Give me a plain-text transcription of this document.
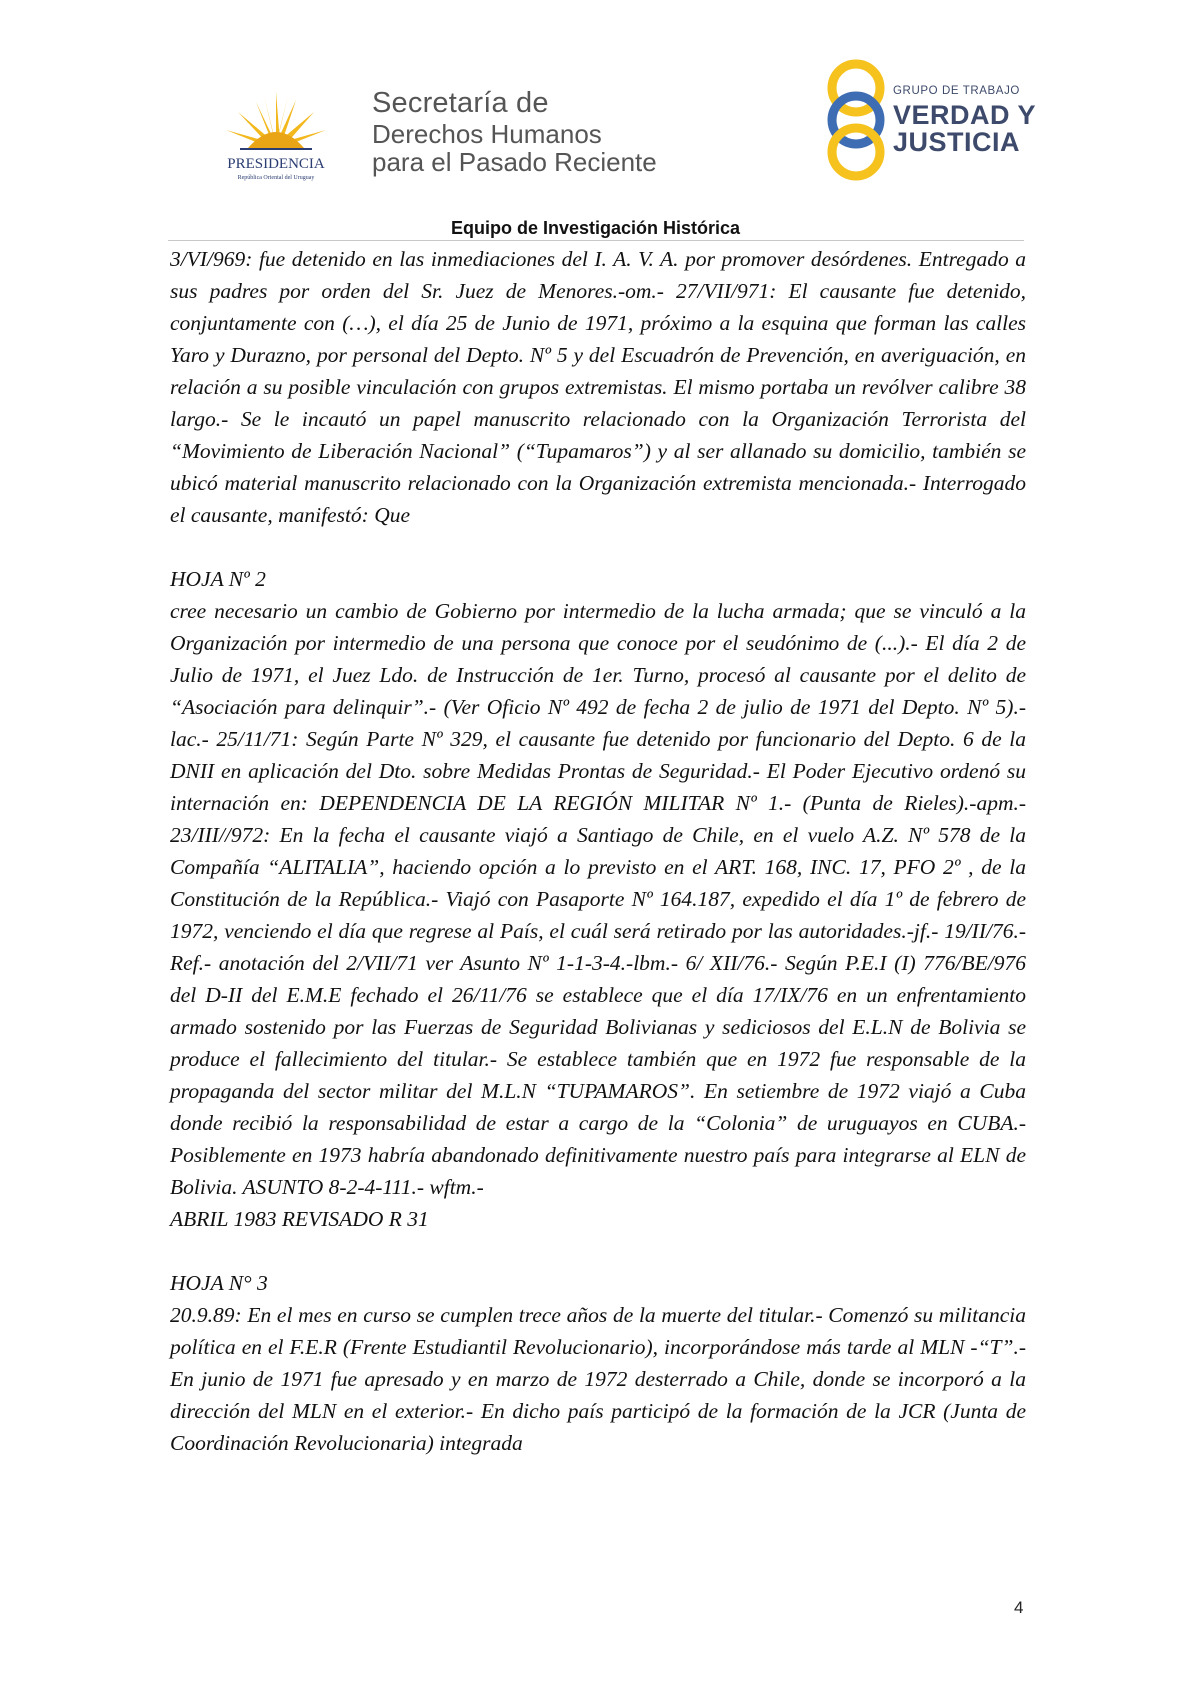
PRESIDENCIA
República Oriental del Uruguay
Secretaría de
Derechos Humanos
para el Pasado Reciente
GRUPO DE TRABAJO
VERDAD Y
JUSTICIA
Equipo de Investigación Histórica

3/VI/969: fue detenido en las inmediaciones del I. A. V. A. por promover desórdenes. Entregado a sus padres por orden del Sr. Juez de Menores.-om.- 27/VII/971: El causante fue detenido, conjuntamente con (…), el día 25 de Junio de 1971, próximo a la esquina que forman las calles Yaro y Durazno, por personal del Depto. Nº 5 y del Escuadrón de Prevención, en averiguación, en relación a su posible vinculación con grupos extremistas. El mismo portaba un revólver calibre 38 largo.- Se le incautó un papel manuscrito relacionado con la Organización Terrorista del “Movimiento de Liberación Nacional” (“Tupamaros”) y al ser allanado su domicilio, también se ubicó material manuscrito relacionado con la Organización extremista mencionada.- Interrogado el causante, manifestó: Que

HOJA Nº 2

cree necesario un cambio de Gobierno por intermedio de la lucha armada; que se vinculó a la Organización por intermedio de una persona que conoce por el seudónimo de (...).- El día 2 de Julio de 1971, el Juez Ldo. de Instrucción de 1er. Turno, procesó al causante por el delito de “Asociación para delinquir”.- (Ver Oficio Nº 492 de fecha 2 de julio de 1971 del Depto. Nº 5).- lac.- 25/11/71: Según Parte Nº 329, el causante fue detenido por funcionario del Depto. 6 de la DNII en aplicación del Dto. sobre Medidas Prontas de Seguridad.- El Poder Ejecutivo ordenó su internación en: DEPENDENCIA DE LA REGIÓN MILITAR Nº 1.- (Punta de Rieles).-apm.- 23/III//972: En la fecha el causante viajó a Santiago de Chile, en el vuelo A.Z. Nº 578 de la Compañía “ALITALIA”, haciendo opción a lo previsto en el ART. 168, INC. 17, PFO 2º , de la Constitución de la República.- Viajó con Pasaporte Nº 164.187, expedido el día 1º de febrero de 1972, venciendo el día que regrese al País, el cuál será retirado por las autoridades.-jf.- 19/II/76.- Ref.- anotación del 2/VII/71 ver Asunto Nº 1-1-3-4.-lbm.- 6/ XII/76.- Según P.E.I (I) 776/BE/976 del D-II del E.M.E fechado el 26/11/76 se establece que el día 17/IX/76 en un enfrentamiento armado sostenido por las Fuerzas de Seguridad Bolivianas y sediciosos del E.L.N de Bolivia se produce el fallecimiento del titular.- Se establece también que en 1972 fue responsable de la propaganda del sector militar del M.L.N “TUPAMAROS”. En setiembre de 1972 viajó a Cuba donde recibió la responsabilidad de estar a cargo de la “Colonia” de uruguayos en CUBA.- Posiblemente en 1973 habría abandonado definitivamente nuestro país para integrarse al ELN de Bolivia. ASUNTO 8-2-4-111.- wftm.-

ABRIL 1983 REVISADO R 31

HOJA N° 3

20.9.89: En el mes en curso se cumplen trece años de la muerte del titular.- Comenzó su militancia política en el F.E.R (Frente Estudiantil Revolucionario), incorporándose más tarde al MLN -“T”.- En junio de 1971 fue apresado y en marzo de 1972 desterrado a Chile, donde se incorporó a la dirección del MLN en el exterior.- En dicho país participó de la formación de la JCR (Junta de Coordinación Revolucionaria) integrada

4
